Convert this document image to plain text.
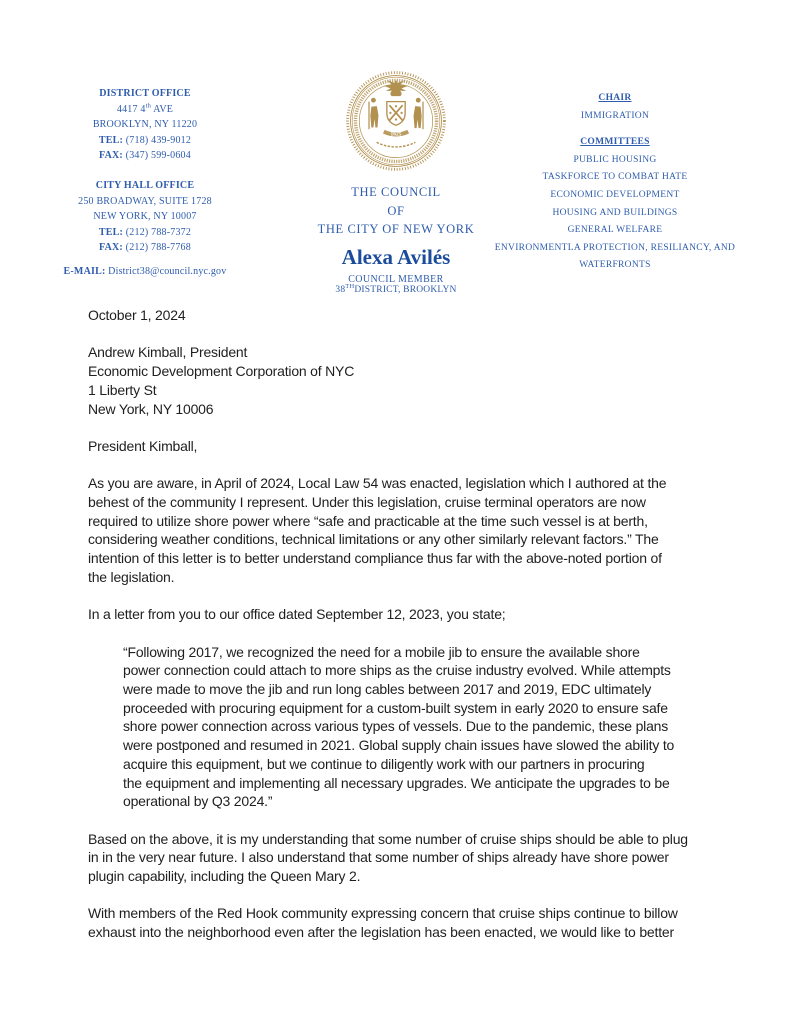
DISTRICT OFFICE
4417 4th AVE
BROOKLYN, NY 11220
TEL: (718) 439-9012
FAX: (347) 599-0604
CITY HALL OFFICE
250 BROADWAY, SUITE 1728
NEW YORK, NY 10007
TEL: (212) 788-7372
FAX: (212) 788-7768
E-MAIL: District38@council.nyc.gov
1625
THE COUNCIL
OF
THE CITY OF NEW YORK
Alexa Avilés
COUNCIL MEMBER
38THDISTRICT, BROOKLYN
CHAIR
IMMIGRATION
COMMITTEES
PUBLIC HOUSING
TASKFORCE TO COMBAT HATE
ECONOMIC DEVELOPMENT
HOUSING AND BUILDINGS
GENERAL WELFARE
ENVIRONMENTLA PROTECTION, RESILIANCY, AND
WATERFRONTS

October 1, 2024

Andrew Kimball, President
Economic Development Corporation of NYC
1 Liberty St
New York, NY 10006

President Kimball,

As you are aware, in April of 2024, Local Law 54 was enacted, legislation which I authored at the
behest of the community I represent. Under this legislation, cruise terminal operators are now
required to utilize shore power where “safe and practicable at the time such vessel is at berth,
considering weather conditions, technical limitations or any other similarly relevant factors.” The
intention of this letter is to better understand compliance thus far with the above-noted portion of
the legislation.

In a letter from you to our office dated September 12, 2023, you state;

“Following 2017, we recognized the need for a mobile jib to ensure the available shore
power connection could attach to more ships as the cruise industry evolved. While attempts
were made to move the jib and run long cables between 2017 and 2019, EDC ultimately
proceeded with procuring equipment for a custom-built system in early 2020 to ensure safe
shore power connection across various types of vessels. Due to the pandemic, these plans
were postponed and resumed in 2021. Global supply chain issues have slowed the ability to
acquire this equipment, but we continue to diligently work with our partners in procuring
the equipment and implementing all necessary upgrades. We anticipate the upgrades to be
operational by Q3 2024.”

Based on the above, it is my understanding that some number of cruise ships should be able to plug
in in the very near future. I also understand that some number of ships already have shore power
plugin capability, including the Queen Mary 2.

With members of the Red Hook community expressing concern that cruise ships continue to billow
exhaust into the neighborhood even after the legislation has been enacted, we would like to better
